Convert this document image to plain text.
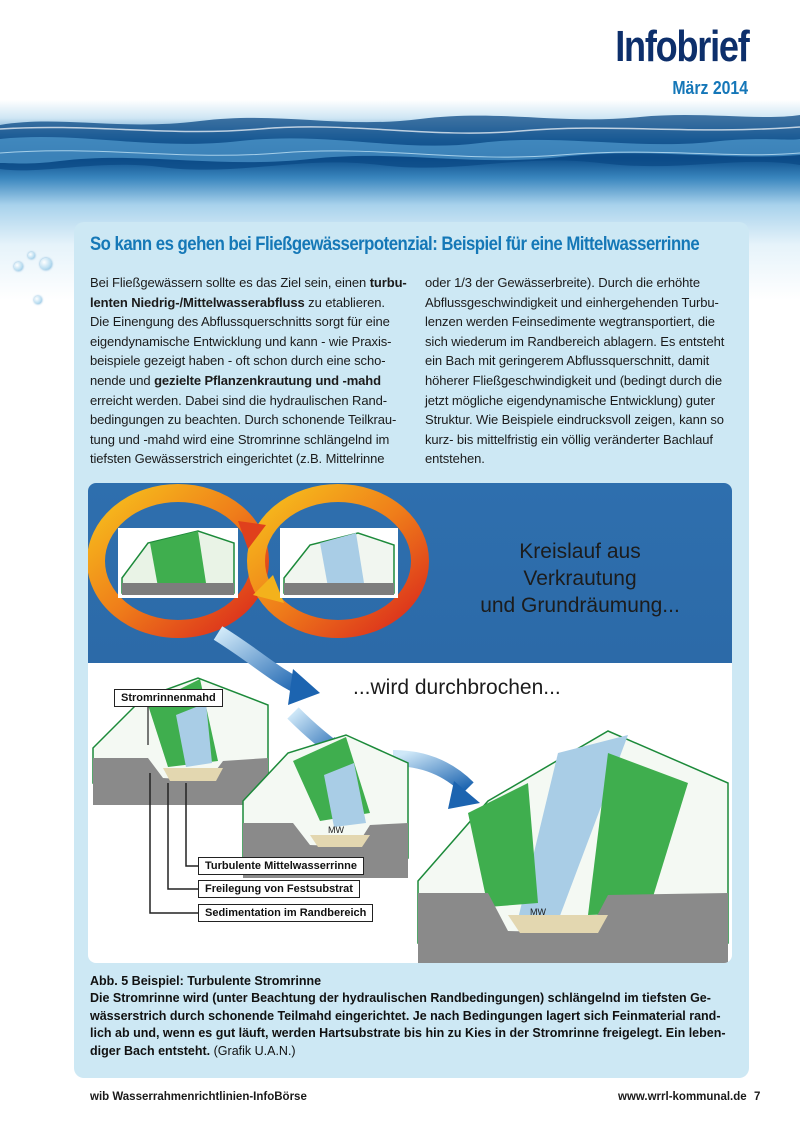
Infobrief
März 2014
So kann es gehen bei Fließgewässerpotenzial: Beispiel für eine Mittelwasserrinne
Bei Fließgewässern sollte es das Ziel sein, einen turbu-
lenten Niedrig-/Mittelwasserabfluss zu etablieren.
Die Einengung des Abflussquerschnitts sorgt für eine
eigendynamische Entwicklung und kann - wie Praxis-
beispiele gezeigt haben - oft schon durch eine scho-
nende und gezielte Pflanzenkrautung und -mahd
erreicht werden. Dabei sind die hydraulischen Rand-
bedingungen zu beachten. Durch schonende Teilkrau-
tung und -mahd wird eine Stromrinne schlängelnd im
tiefsten Gewässerstrich eingerichtet (z.B. Mittelrinne
oder 1/3 der Gewässerbreite). Durch die erhöhte
Abflussgeschwindigkeit und einhergehenden Turbu-
lenzen werden Feinsedimente wegtransportiert, die
sich wiederum im Randbereich ablagern. Es entsteht
ein Bach mit geringerem Abflussquerschnitt, damit
höherer Fließgeschwindigkeit und (bedingt durch die
jetzt mögliche eigendynamische Entwicklung) guter
Struktur. Wie Beispiele eindrucksvoll zeigen, kann so
kurz- bis mittelfristig ein völlig veränderter Bachlauf
entstehen.
Kreislauf aus Verkrautung
und Grundräumung...
...wird durchbrochen...
Stromrinnenmahd
Turbulente Mittelwasserrinne
Freilegung von Festsubstrat
Sedimentation im Randbereich
MW
MW
Abb. 5 Beispiel: Turbulente Stromrinne
Die Stromrinne wird (unter Beachtung der hydraulischen Randbedingungen) schlängelnd im tiefsten Ge-
wässerstrich durch schonende Teilmahd eingerichtet. Je nach Bedingungen lagert sich Feinmaterial rand-
lich ab und, wenn es gut läuft, werden Hartsubstrate bis hin zu Kies in der Stromrinne freigelegt. Ein leben-
diger Bach entsteht. (Grafik U.A.N.)
wib Wasserrahmenrichtlinien-InfoBörse	www.wrrl-kommunal.de 7
